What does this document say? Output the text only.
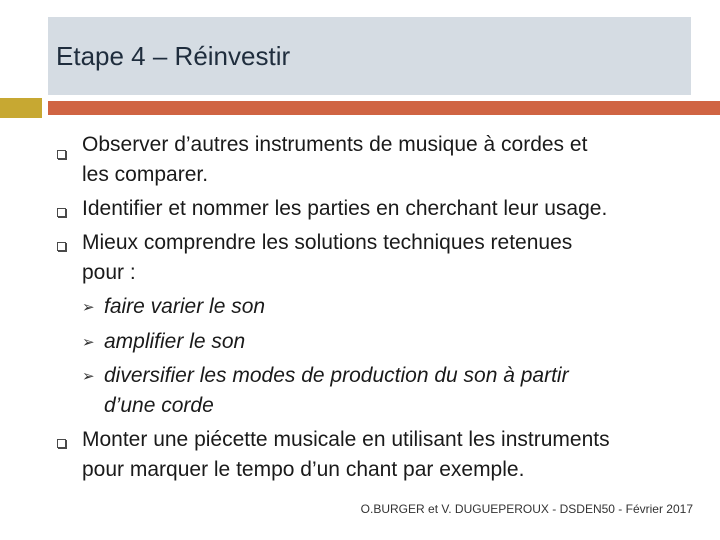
Etape 4 – Réinvestir
Observer d’autres instruments de musique à cordes et
les comparer.
Identifier et nommer les parties en cherchant leur usage.
Mieux comprendre les solutions techniques retenues
pour :
➢ faire varier le son
➢ amplifier le son
➢ diversifier les modes de production du son à partir
d’une corde
Monter une piécette musicale en utilisant les instruments
pour marquer le tempo d’un chant par exemple.
O.BURGER et V. DUGUEPEROUX - DSDEN50 - Février 2017
